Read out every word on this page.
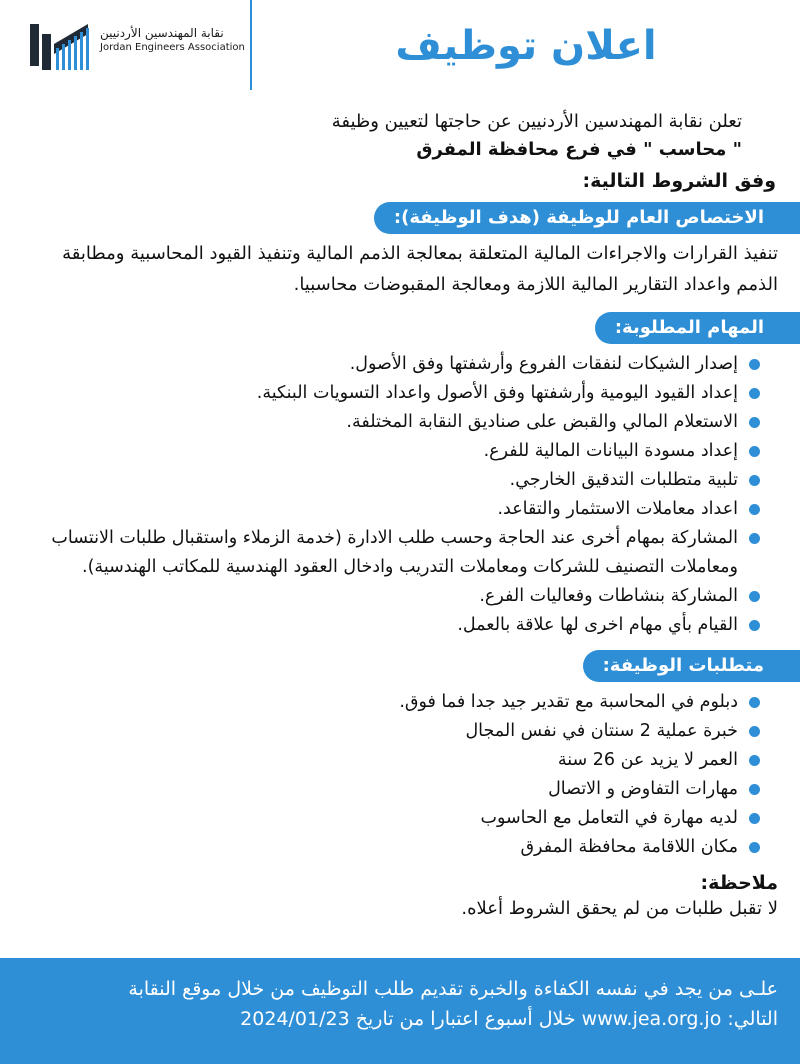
نقابة المهندسين الأردنيين
Jordan Engineers Association	اعلان توظيف
تعلن نقابة المهندسين الأردنيين عن حاجتها لتعيين وظيفة
" محاسب " في فرع محافظة المفرق
وفق الشروط التالية:
الاختصاص العام للوظيفة (هدف الوظيفة):
تنفيذ القرارات والاجراءات المالية المتعلقة بمعالجة الذمم المالية وتنفيذ القيود المحاسبية ومطابقة الذمم واعداد التقارير المالية اللازمة ومعالجة المقبوضات محاسبيا.
المهام المطلوبة:
إصدار الشيكات لنفقات الفروع وأرشفتها وفق الأصول.
إعداد القيود اليومية وأرشفتها وفق الأصول واعداد التسويات البنكية.
الاستعلام المالي والقبض على صناديق النقابة المختلفة.
إعداد مسودة البيانات المالية للفرع.
تلبية متطلبات التدقيق الخارجي.
اعداد معاملات الاستثمار والتقاعد.
المشاركة بمهام أخرى عند الحاجة وحسب طلب الادارة (خدمة الزملاء واستقبال طلبات الانتساب ومعاملات التصنيف للشركات ومعاملات التدريب وادخال العقود الهندسية للمكاتب الهندسية).
المشاركة بنشاطات وفعاليات الفرع.
القيام بأي مهام اخرى لها علاقة بالعمل.
متطلبات الوظيفة:
دبلوم في المحاسبة مع تقدير جيد جدا فما فوق.
خبرة عملية 2 سنتان في نفس المجال
العمر لا يزيد عن 26 سنة
مهارات التفاوض و الاتصال
لديه مهارة في التعامل مع الحاسوب
مكان اللاقامة محافظة المفرق
ملاحظة:
لا تقبل طلبات من لم يحقق الشروط أعلاه.
علـى من يجد في نفسه الكفاءة والخبرة تقديم طلب التوظيف من خلال موقع النقابة
التالي: www.jea.org.jo خلال أسبوع اعتبارا من تاريخ 2024/01/23
